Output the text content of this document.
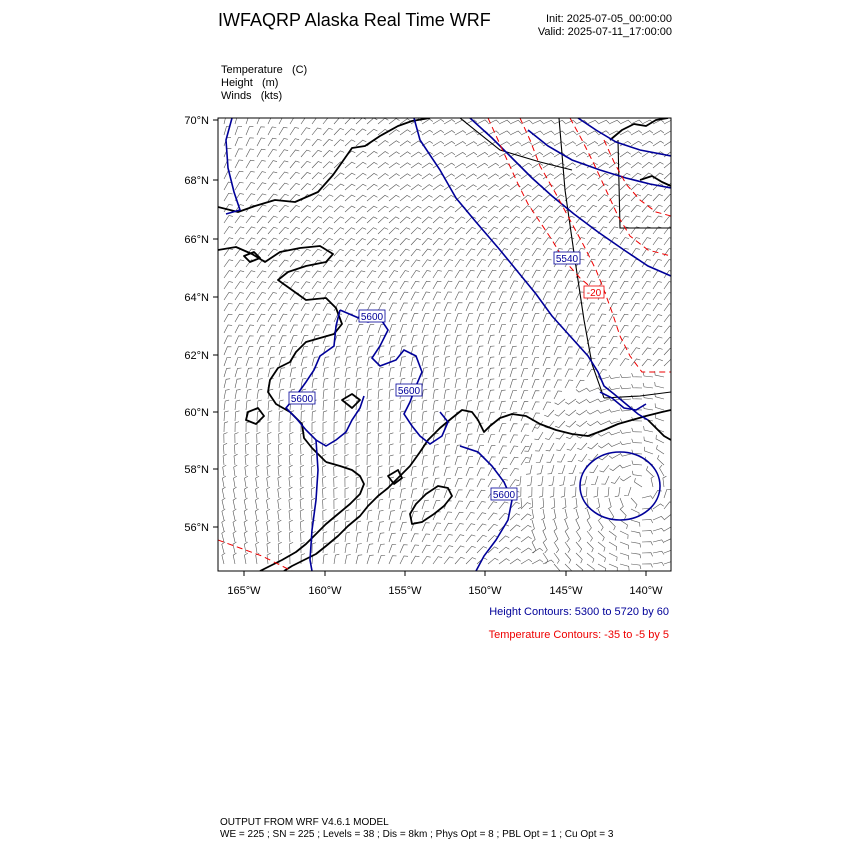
IWFAQRP Alaska Real Time WRF	Init: 2025-07-05_00:00:00
Valid: 2025-07-11_17:00:00
Temperature (C)
Height (m)
Winds (kts)
5600
5600
5600
5600
5540
-20
70°N
68°N
66°N
64°N
62°N
60°N
58°N
56°N
165°W	160°W	155°W	150°W	145°W	140°W
Height Contours: 5300 to 5720 by 60
Temperature Contours: -35 to -5 by 5
OUTPUT FROM WRF V4.6.1 MODEL
WE = 225 ; SN = 225 ; Levels = 38 ; Dis = 8km ; Phys Opt = 8 ; PBL Opt = 1 ; Cu Opt = 3
